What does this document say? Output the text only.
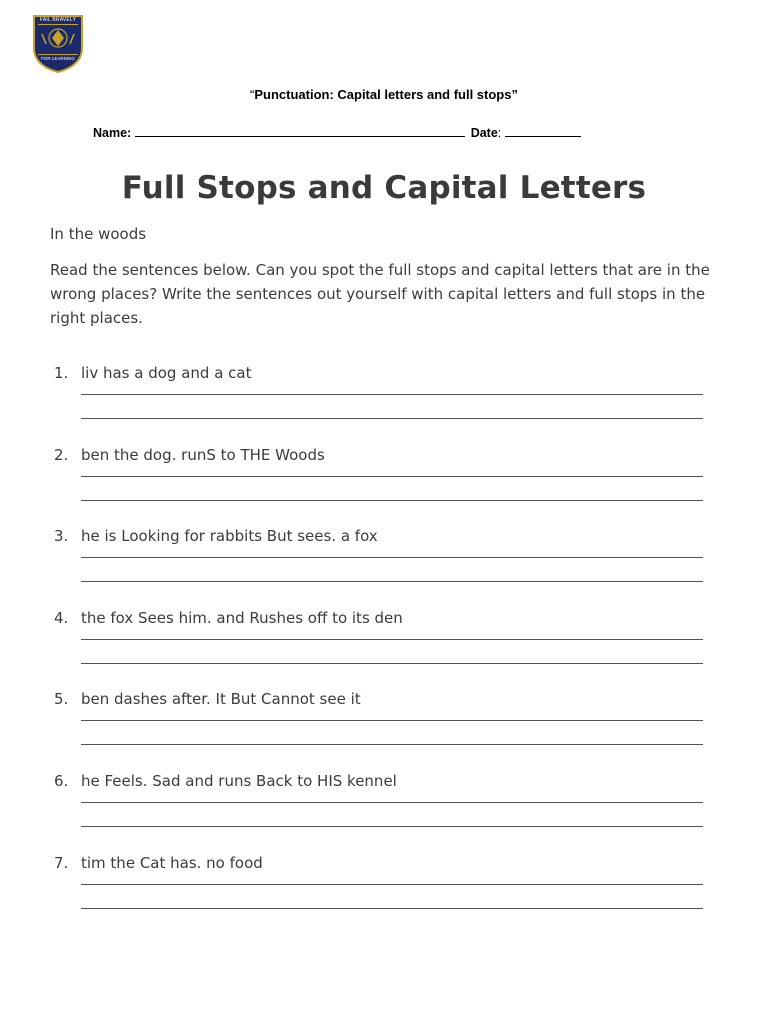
FAIL BRAVELY
FOR LEARNING
“Punctuation: Capital letters and full stops”
Name:	Date:
Full Stops and Capital Letters
In the woods
Read the sentences below. Can you spot the full stops and capital letters that are in the wrong places? Write the sentences out yourself with capital letters and full stops in the right places.
1. liv has a dog and a cat
2. ben the dog. runS to THE Woods
3. he is Looking for rabbits But sees. a fox
4. the fox Sees him. and Rushes off to its den
5. ben dashes after. It But Cannot see it
6. he Feels. Sad and runs Back to HIS kennel
7. tim the Cat has. no food
